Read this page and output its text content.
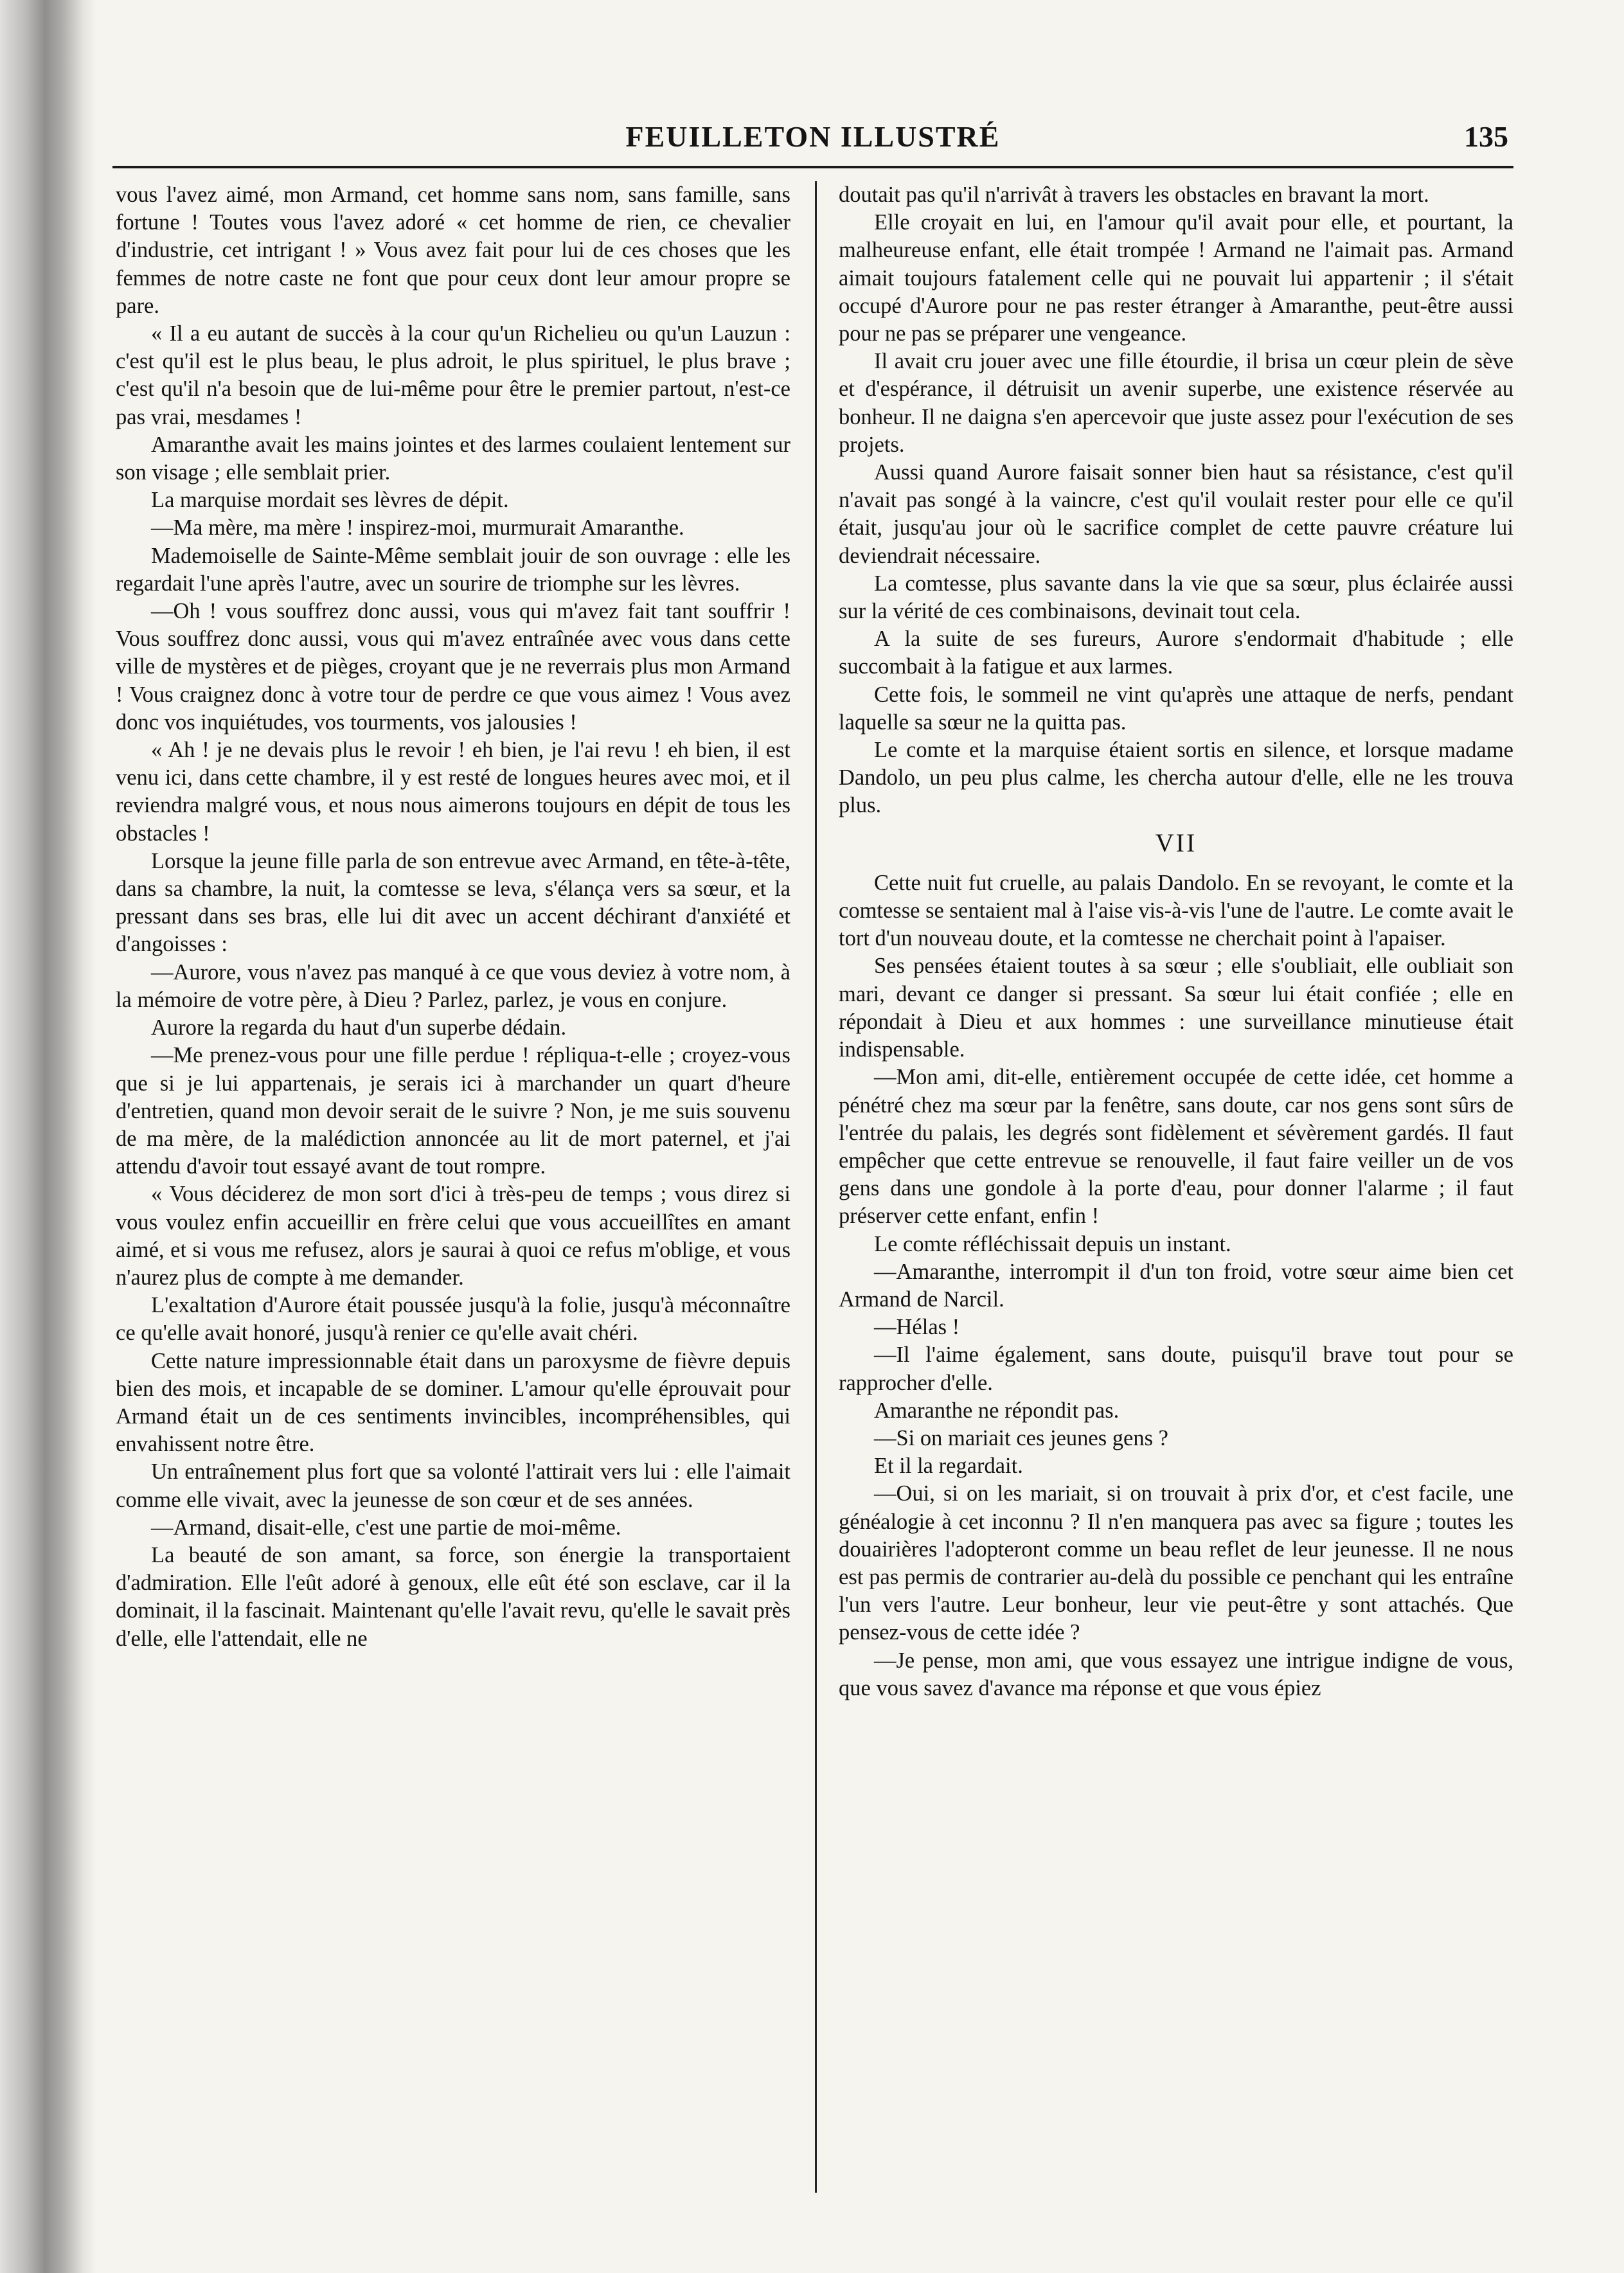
FEUILLETON ILLUSTRÉ	135

vous l'avez aimé, mon Armand, cet homme sans nom, sans famille, sans fortune ! Toutes vous l'avez adoré « cet homme de rien, ce chevalier d'industrie, cet intrigant ! » Vous avez fait pour lui de ces choses que les femmes de notre caste ne font que pour ceux dont leur amour propre se pare.

« Il a eu autant de succès à la cour qu'un Richelieu ou qu'un Lauzun : c'est qu'il est le plus beau, le plus adroit, le plus spirituel, le plus brave ; c'est qu'il n'a besoin que de lui-même pour être le premier partout, n'est-ce pas vrai, mesdames !

Amaranthe avait les mains jointes et des larmes coulaient lentement sur son visage ; elle semblait prier.

La marquise mordait ses lèvres de dépit.

—Ma mère, ma mère ! inspirez-moi, murmurait Amaranthe.

Mademoiselle de Sainte-Même semblait jouir de son ouvrage : elle les regardait l'une après l'autre, avec un sourire de triomphe sur les lèvres.

—Oh ! vous souffrez donc aussi, vous qui m'avez fait tant souffrir ! Vous souffrez donc aussi, vous qui m'avez entraînée avec vous dans cette ville de mystères et de pièges, croyant que je ne reverrais plus mon Armand ! Vous craignez donc à votre tour de perdre ce que vous aimez ! Vous avez donc vos inquiétudes, vos tourments, vos jalousies !

« Ah ! je ne devais plus le revoir ! eh bien, je l'ai revu ! eh bien, il est venu ici, dans cette chambre, il y est resté de longues heures avec moi, et il reviendra malgré vous, et nous nous aimerons toujours en dépit de tous les obstacles !

Lorsque la jeune fille parla de son entrevue avec Armand, en tête-à-tête, dans sa chambre, la nuit, la comtesse se leva, s'élança vers sa sœur, et la pressant dans ses bras, elle lui dit avec un accent déchirant d'anxiété et d'angoisses :

—Aurore, vous n'avez pas manqué à ce que vous deviez à votre nom, à la mémoire de votre père, à Dieu ? Parlez, parlez, je vous en conjure.

Aurore la regarda du haut d'un superbe dédain.

—Me prenez-vous pour une fille perdue ! répliqua-t-elle ; croyez-vous que si je lui appartenais, je serais ici à marchander un quart d'heure d'entretien, quand mon devoir serait de le suivre ? Non, je me suis souvenu de ma mère, de la malédiction annoncée au lit de mort paternel, et j'ai attendu d'avoir tout essayé avant de tout rompre.

« Vous déciderez de mon sort d'ici à très-peu de temps ; vous direz si vous voulez enfin accueillir en frère celui que vous accueillîtes en amant aimé, et si vous me refusez, alors je saurai à quoi ce refus m'oblige, et vous n'aurez plus de compte à me demander.

L'exaltation d'Aurore était poussée jusqu'à la folie, jusqu'à méconnaître ce qu'elle avait honoré, jusqu'à renier ce qu'elle avait chéri.

Cette nature impressionnable était dans un paroxysme de fièvre depuis bien des mois, et incapable de se dominer. L'amour qu'elle éprouvait pour Armand était un de ces sentiments invincibles, incompréhensibles, qui envahissent notre être.

Un entraînement plus fort que sa volonté l'attirait vers lui : elle l'aimait comme elle vivait, avec la jeunesse de son cœur et de ses années.

—Armand, disait-elle, c'est une partie de moi-même.

La beauté de son amant, sa force, son énergie la transportaient d'admiration. Elle l'eût adoré à genoux, elle eût été son esclave, car il la dominait, il la fascinait. Maintenant qu'elle l'avait revu, qu'elle le savait près d'elle, elle l'attendait, elle ne

doutait pas qu'il n'arrivât à travers les obstacles en bravant la mort.

Elle croyait en lui, en l'amour qu'il avait pour elle, et pourtant, la malheureuse enfant, elle était trompée ! Armand ne l'aimait pas. Armand aimait toujours fatalement celle qui ne pouvait lui appartenir ; il s'était occupé d'Aurore pour ne pas rester étranger à Amaranthe, peut-être aussi pour ne pas se préparer une vengeance.

Il avait cru jouer avec une fille étourdie, il brisa un cœur plein de sève et d'espérance, il détruisit un avenir superbe, une existence réservée au bonheur. Il ne daigna s'en apercevoir que juste assez pour l'exécution de ses projets.

Aussi quand Aurore faisait sonner bien haut sa résistance, c'est qu'il n'avait pas songé à la vaincre, c'est qu'il voulait rester pour elle ce qu'il était, jusqu'au jour où le sacrifice complet de cette pauvre créature lui deviendrait nécessaire.

La comtesse, plus savante dans la vie que sa sœur, plus éclairée aussi sur la vérité de ces combinaisons, devinait tout cela.

A la suite de ses fureurs, Aurore s'endormait d'habitude ; elle succombait à la fatigue et aux larmes.

Cette fois, le sommeil ne vint qu'après une attaque de nerfs, pendant laquelle sa sœur ne la quitta pas.

Le comte et la marquise étaient sortis en silence, et lorsque madame Dandolo, un peu plus calme, les chercha autour d'elle, elle ne les trouva plus.

VII

Cette nuit fut cruelle, au palais Dandolo. En se revoyant, le comte et la comtesse se sentaient mal à l'aise vis-à-vis l'une de l'autre. Le comte avait le tort d'un nouveau doute, et la comtesse ne cherchait point à l'apaiser.

Ses pensées étaient toutes à sa sœur ; elle s'oubliait, elle oubliait son mari, devant ce danger si pressant. Sa sœur lui était confiée ; elle en répondait à Dieu et aux hommes : une surveillance minutieuse était indispensable.

—Mon ami, dit-elle, entièrement occupée de cette idée, cet homme a pénétré chez ma sœur par la fenêtre, sans doute, car nos gens sont sûrs de l'entrée du palais, les degrés sont fidèlement et sévèrement gardés. Il faut empêcher que cette entrevue se renouvelle, il faut faire veiller un de vos gens dans une gondole à la porte d'eau, pour donner l'alarme ; il faut préserver cette enfant, enfin !

Le comte réfléchissait depuis un instant.

—Amaranthe, interrompit il d'un ton froid, votre sœur aime bien cet Armand de Narcil.

—Hélas !

—Il l'aime également, sans doute, puisqu'il brave tout pour se rapprocher d'elle.

Amaranthe ne répondit pas.

—Si on mariait ces jeunes gens ?

Et il la regardait.

—Oui, si on les mariait, si on trouvait à prix d'or, et c'est facile, une généalogie à cet inconnu ? Il n'en manquera pas avec sa figure ; toutes les douairières l'adopteront comme un beau reflet de leur jeunesse. Il ne nous est pas permis de contrarier au-delà du possible ce penchant qui les entraîne l'un vers l'autre. Leur bonheur, leur vie peut-être y sont attachés. Que pensez-vous de cette idée ?

—Je pense, mon ami, que vous essayez une intrigue indigne de vous, que vous savez d'avance ma réponse et que vous épiez
